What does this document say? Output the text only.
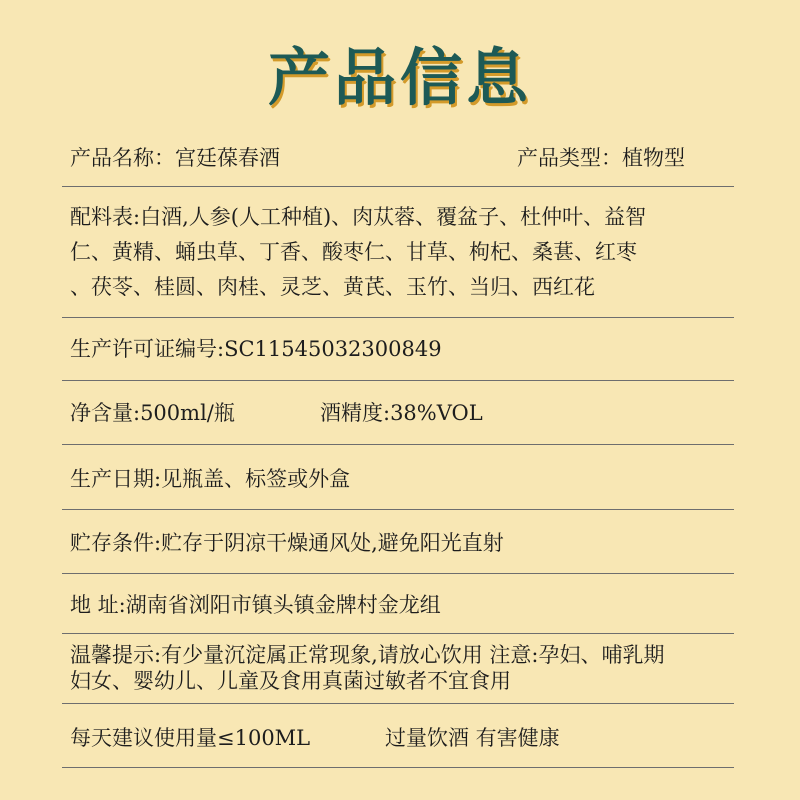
产品信息
产品名称：宫廷葆春酒	产品类型：植物型
配料表:白酒,人参(人工种植)、肉苁蓉、覆盆子、杜仲叶、益智
仁、黄精、蛹虫草、丁香、酸枣仁、甘草、枸杞、桑葚、红枣
、茯苓、桂圆、肉桂、灵芝、黄芪、玉竹、当归、西红花
生产许可证编号:SC11545032300849
净含量:500ml/瓶	酒精度:38%VOL
生产日期:见瓶盖、标签或外盒
贮存条件:贮存于阴凉干燥通风处,避免阳光直射
地 址:湖南省浏阳市镇头镇金牌村金龙组
温馨提示:有少量沉淀属正常现象,请放心饮用 注意:孕妇、哺乳期
妇女、婴幼儿、儿童及食用真菌过敏者不宜食用
每天建议使用量≤100ML	过量饮酒 有害健康
